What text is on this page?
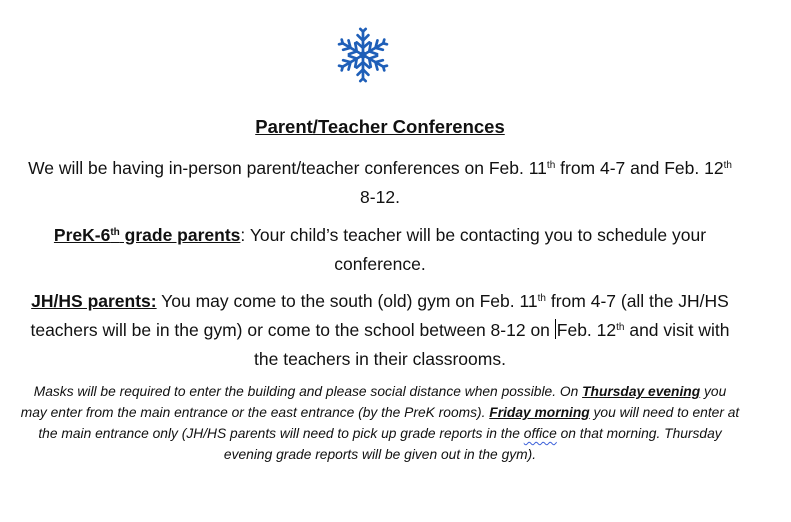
Parent/Teacher Conferences

We will be having in-person parent/teacher conferences on Feb. 11th from 4-7 and Feb. 12th 8-12.

PreK-6th grade parents: Your child’s teacher will be contacting you to schedule your conference.

JH/HS parents: You may come to the south (old) gym on Feb. 11th from 4-7 (all the JH/HS teachers will be in the gym) or come to the school between 8-12 on Feb. 12th and visit with the teachers in their classrooms.

Masks will be required to enter the building and please social distance when possible. On Thursday evening you may enter from the main entrance or the east entrance (by the PreK rooms). Friday morning you will need to enter at the main entrance only (JH/HS parents will need to pick up grade reports in the office on that morning. Thursday evening grade reports will be given out in the gym).
